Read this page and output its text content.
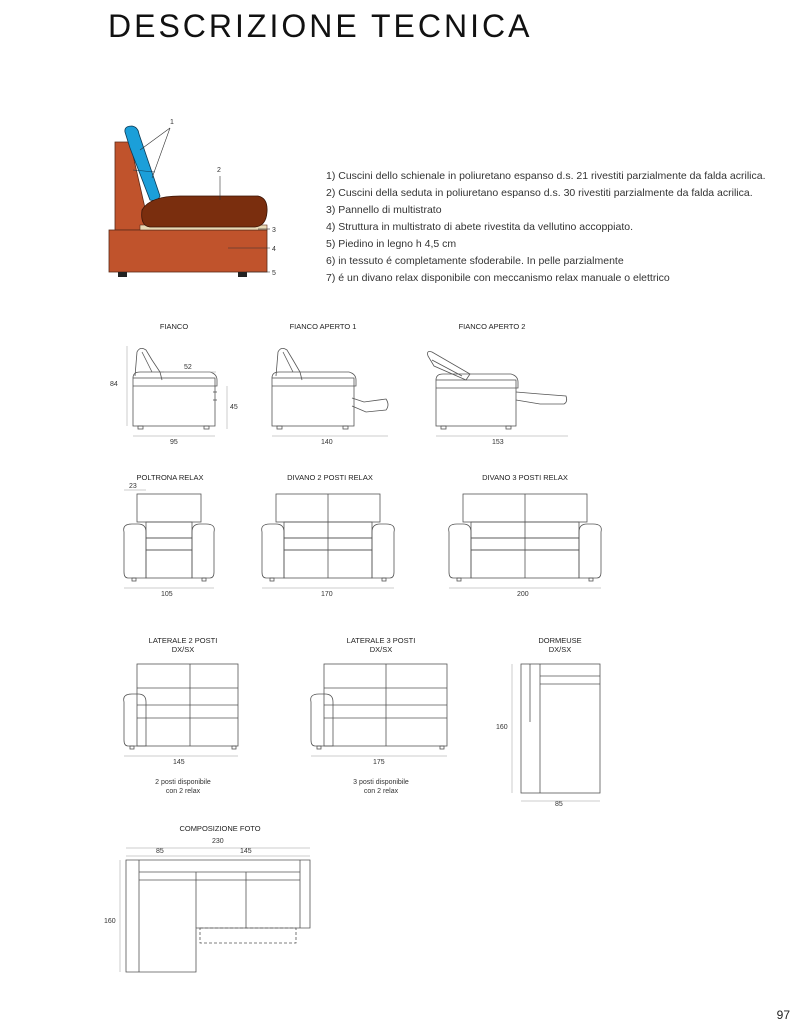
DESCRIZIONE TECNICA
1
2
3
4
5
1) Cuscini dello schienale in poliuretano espanso d.s. 21 rivestiti parzialmente da falda acrilica.
2) Cuscini della seduta in poliuretano espanso d.s. 30 rivestiti parzialmente da falda acrilica.
3) Pannello di multistrato
4) Struttura in multistrato di abete rivestita da vellutino accoppiato.
5) Piedino in legno h 4,5 cm
6) in tessuto é completamente sfoderabile. In pelle parzialmente
7) é un divano relax disponibile con meccanismo relax manuale o elettrico
FIANCO	FIANCO APERTO 1	FIANCO APERTO 2
84
52
45
95	140	153
POLTRONA RELAX	DIVANO 2 POSTI RELAX	DIVANO 3 POSTI RELAX
23
105	170	200
LATERALE 2 POSTI
DX/SX
LATERALE 3 POSTI
DX/SX
DORMEUSE
DX/SX
145	175
2 posti disponibile
con 2 relax
3 posti disponibile
con 2 relax
160
85
COMPOSIZIONE FOTO
230
85	145
160
97
